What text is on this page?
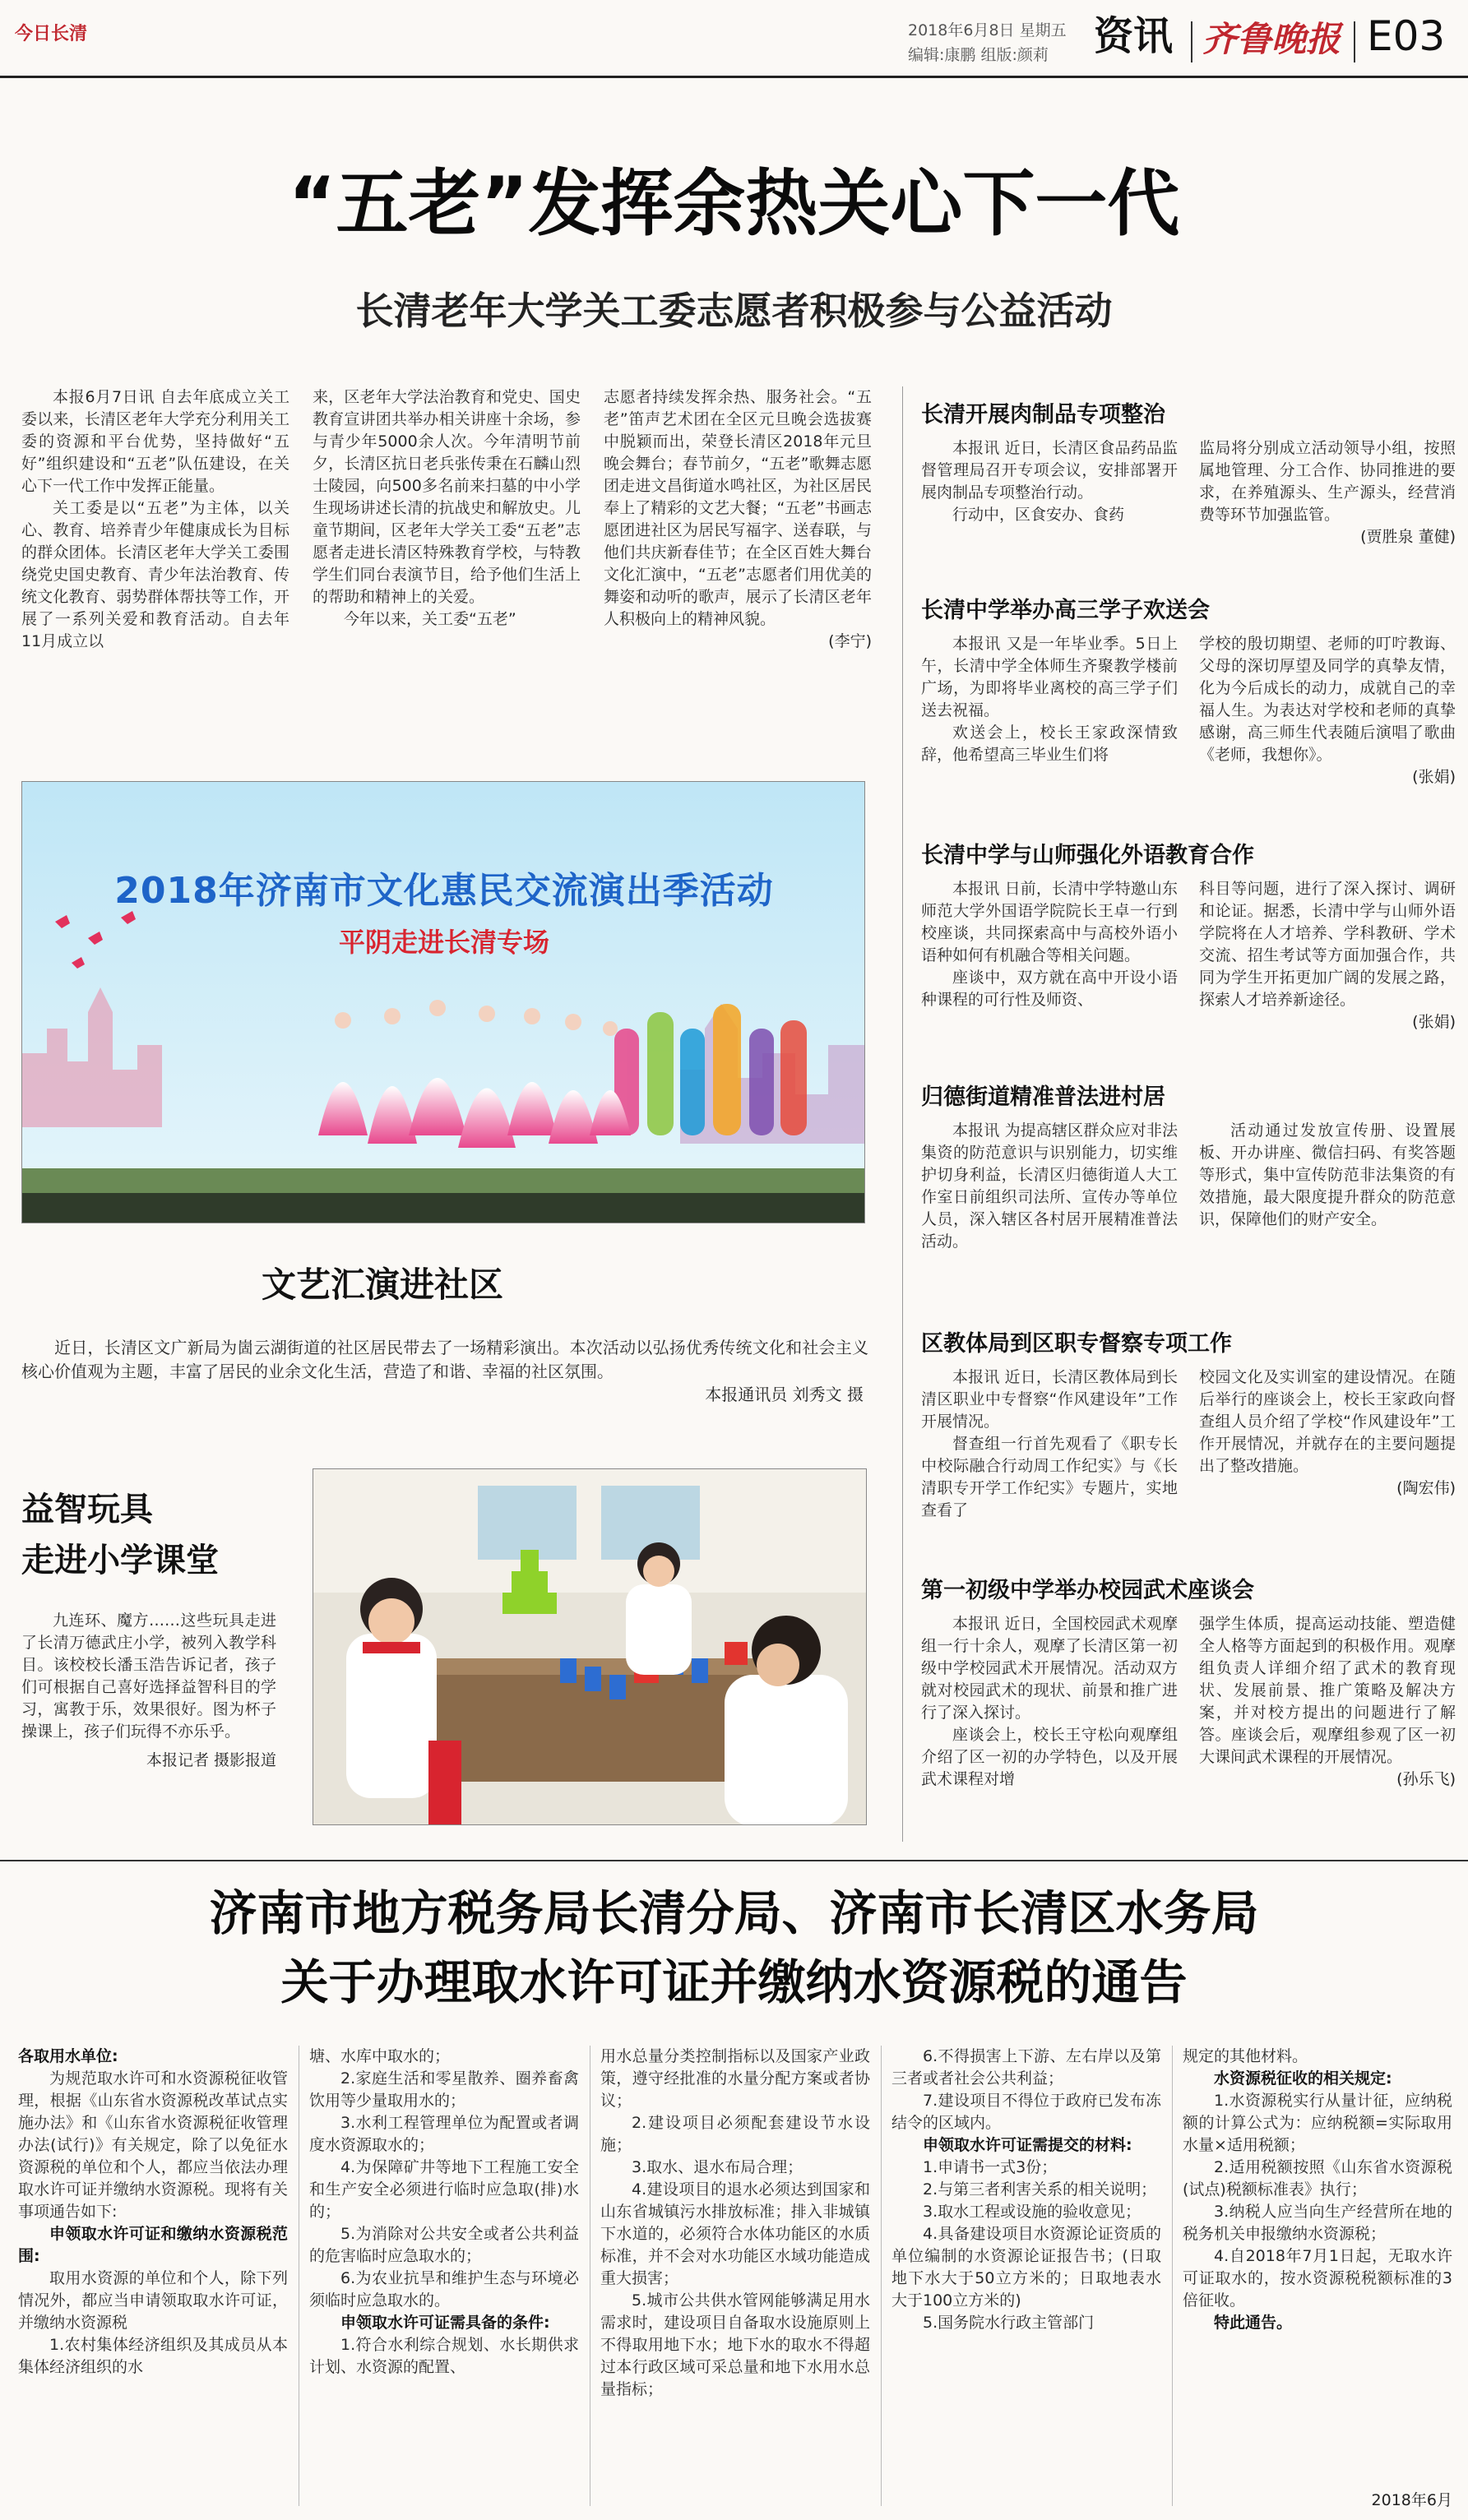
今日长清	2018年6月8日 星期五
编辑:康鹏 组版:颜莉 资讯 齐鲁晚报 E03
“五老”发挥余热关心下一代
长清老年大学关工委志愿者积极参与公益活动

本报6月7日讯 自去年底成立关工委以来，长清区老年大学充分利用关工委的资源和平台优势，坚持做好“五好”组织建设和“五老”队伍建设，在关心下一代工作中发挥正能量。

关工委是以“五老”为主体，以关心、教育、培养青少年健康成长为目标的群众团体。长清区老年大学关工委围绕党史国史教育、青少年法治教育、传统文化教育、弱势群体帮扶等工作，开展了一系列关爱和教育活动。自去年11月成立以

来，区老年大学法治教育和党史、国史教育宣讲团共举办相关讲座十余场，参与青少年5000余人次。今年清明节前夕，长清区抗日老兵张传秉在石麟山烈士陵园，向500多名前来扫墓的中小学生现场讲述长清的抗战史和解放史。儿童节期间，区老年大学关工委“五老”志愿者走进长清区特殊教育学校，与特教学生们同台表演节目，给予他们生活上的帮助和精神上的关爱。

今年以来，关工委“五老”

志愿者持续发挥余热、服务社会。“五老”笛声艺术团在全区元旦晚会选拔赛中脱颖而出，荣登长清区2018年元旦晚会舞台；春节前夕，“五老”歌舞志愿团走进文昌街道水鸣社区，为社区居民奉上了精彩的文艺大餐；“五老”书画志愿团进社区为居民写福字、送春联，与他们共庆新春佳节；在全区百姓大舞台文化汇演中，“五老”志愿者们用优美的舞姿和动听的歌声，展示了长清区老年人积极向上的精神风貌。

(李宁)

2018年济南市文化惠民交流演出季活动
平阴走进长清专场
文艺汇演进社区

近日，长清区文广新局为崮云湖街道的社区居民带去了一场精彩演出。本次活动以弘扬优秀传统文化和社会主义核心价值观为主题，丰富了居民的业余文化生活，营造了和谐、幸福的社区氛围。

本报通讯员 刘秀文 摄

益智玩具
走进小学课堂

九连环、魔方……这些玩具走进了长清万德武庄小学，被列入教学科目。该校校长潘玉浩告诉记者，孩子们可根据自己喜好选择益智科目的学习，寓教于乐，效果很好。图为杯子操课上，孩子们玩得不亦乐乎。

本报记者 摄影报道

长清开展肉制品专项整治

本报讯 近日，长清区食品药品监督管理局召开专项会议，安排部署开展肉制品专项整治行动。

行动中，区食安办、食药

监局将分别成立活动领导小组，按照属地管理、分工合作、协同推进的要求，在养殖源头、生产源头，经营消费等环节加强监管。

(贾胜泉 董健)

长清中学举办高三学子欢送会

本报讯 又是一年毕业季。5日上午，长清中学全体师生齐聚教学楼前广场，为即将毕业离校的高三学子们送去祝福。

欢送会上，校长王家政深情致辞，他希望高三毕业生们将

学校的殷切期望、老师的叮咛教诲、父母的深切厚望及同学的真挚友情，化为今后成长的动力，成就自己的幸福人生。为表达对学校和老师的真挚感谢，高三师生代表随后演唱了歌曲《老师，我想你》。

(张娟)

长清中学与山师强化外语教育合作

本报讯 日前，长清中学特邀山东师范大学外国语学院院长王卓一行到校座谈，共同探索高中与高校外语小语种如何有机融合等相关问题。

座谈中，双方就在高中开设小语种课程的可行性及师资、

科目等问题，进行了深入探讨、调研和论证。据悉，长清中学与山师外语学院将在人才培养、学科教研、学术交流、招生考试等方面加强合作，共同为学生开拓更加广阔的发展之路，探索人才培养新途径。

(张娟)

归德街道精准普法进村居

本报讯 为提高辖区群众应对非法集资的防范意识与识别能力，切实维护切身利益，长清区归德街道人大工作室日前组织司法所、宣传办等单位人员，深入辖区各村居开展精准普法活动。

活动通过发放宣传册、设置展板、开办讲座、微信扫码、有奖答题等形式，集中宣传防范非法集资的有效措施，最大限度提升群众的防范意识，保障他们的财产安全。

区教体局到区职专督察专项工作

本报讯 近日，长清区教体局到长清区职业中专督察“作风建设年”工作开展情况。

督查组一行首先观看了《职专长中校际融合行动周工作纪实》与《长清职专开学工作纪实》专题片，实地查看了

校园文化及实训室的建设情况。在随后举行的座谈会上，校长王家政向督查组人员介绍了学校“作风建设年”工作开展情况，并就存在的主要问题提出了整改措施。

(陶宏伟)

第一初级中学举办校园武术座谈会

本报讯 近日，全国校园武术观摩组一行十余人，观摩了长清区第一初级中学校园武术开展情况。活动双方就对校园武术的现状、前景和推广进行了深入探讨。

座谈会上，校长王守松向观摩组介绍了区一初的办学特色，以及开展武术课程对增

强学生体质，提高运动技能、塑造健全人格等方面起到的积极作用。观摩组负责人详细介绍了武术的教育现状、发展前景、推广策略及解决方案，并对校方提出的问题进行了解答。座谈会后，观摩组参观了区一初大课间武术课程的开展情况。

(孙乐飞)

济南市地方税务局长清分局、济南市长清区水务局
关于办理取水许可证并缴纳水资源税的通告

各取用水单位:

为规范取水许可和水资源税征收管理，根据《山东省水资源税改革试点实施办法》和《山东省水资源税征收管理办法(试行)》有关规定，除了以免征水资源税的单位和个人，都应当依法办理取水许可证并缴纳水资源税。现将有关事项通告如下:

申领取水许可证和缴纳水资源税范围:

取用水资源的单位和个人，除下列情况外，都应当申请领取取水许可证，并缴纳水资源税

1.农村集体经济组织及其成员从本集体经济组织的水

塘、水库中取水的；

2.家庭生活和零星散养、圈养畜禽饮用等少量取用水的；

3.水利工程管理单位为配置或者调度水资源取水的；

4.为保障矿井等地下工程施工安全和生产安全必须进行临时应急取(排)水的；

5.为消除对公共安全或者公共利益的危害临时应急取水的；

6.为农业抗旱和维护生态与环境必须临时应急取水的。

申领取水许可证需具备的条件:

1.符合水利综合规划、水长期供求计划、水资源的配置、

用水总量分类控制指标以及国家产业政策，遵守经批准的水量分配方案或者协议；

2.建设项目必须配套建设节水设施；

3.取水、退水布局合理；

4.建设项目的退水必须达到国家和山东省城镇污水排放标准；排入非城镇下水道的，必须符合水体功能区的水质标准，并不会对水功能区水域功能造成重大损害；

5.城市公共供水管网能够满足用水需求时，建设项目自备取水设施原则上不得取用地下水；地下水的取水不得超过本行政区域可采总量和地下水用水总量指标；

6.不得损害上下游、左右岸以及第三者或者社会公共利益；

7.建设项目不得位于政府已发布冻结令的区域内。

申领取水许可证需提交的材料:

1.申请书一式3份；

2.与第三者利害关系的相关说明；

3.取水工程或设施的验收意见；

4.具备建设项目水资源论证资质的单位编制的水资源论证报告书；(日取地下水大于50立方米的；日取地表水大于100立方米的)

5.国务院水行政主管部门

规定的其他材料。

水资源税征收的相关规定:

1.水资源税实行从量计征，应纳税额的计算公式为：应纳税额=实际取用水量×适用税额；

2.适用税额按照《山东省水资源税(试点)税额标准表》执行；

3.纳税人应当向生产经营所在地的税务机关申报缴纳水资源税；

4.自2018年7月1日起，无取水许可证取水的，按水资源税税额标准的3倍征收。

特此通告。

2018年6月
